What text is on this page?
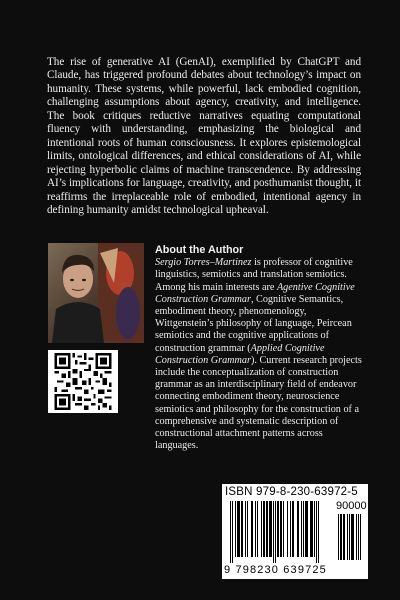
The rise of generative AI (GenAI), exemplified by ChatGPT and Claude, has triggered profound debates about technology’s impact on humanity. These systems, while powerful, lack embodied cognition, challenging assumptions about agency, creativity, and intelligence. The book critiques reductive narratives equating computational fluency with understanding, emphasizing the biological and intentional roots of human consciousness. It explores epistemological limits, ontological differences, and ethical considerations of AI, while rejecting hyperbolic claims of machine transcendence. By addressing AI’s implications for language, creativity, and posthumanist thought, it reaffirms the irreplaceable role of embodied, intentional agency in defining humanity amidst technological upheaval.
About the Author

Sergio Torres–Martinez is professor of cognitive linguistics, semiotics and translation semiotics. Among his main interests are Agentive Cognitive Construction Grammar, Cognitive Semantics, embodiment theory, phenomenology, Wittgenstein’s philosophy of language, Peircean semiotics and the cognitive applications of construction grammar (Applied Cognitive Construction Grammar). Current research projects include the conceptualization of construction grammar as an interdisciplinary field of endeavor connecting embodiment theory, neuroscience semiotics and philosophy for the construction of a comprehensive and systematic description of constructional attachment patterns across languages.

ISBN 979-8-230-63972-5
90000
9 798230 639725
